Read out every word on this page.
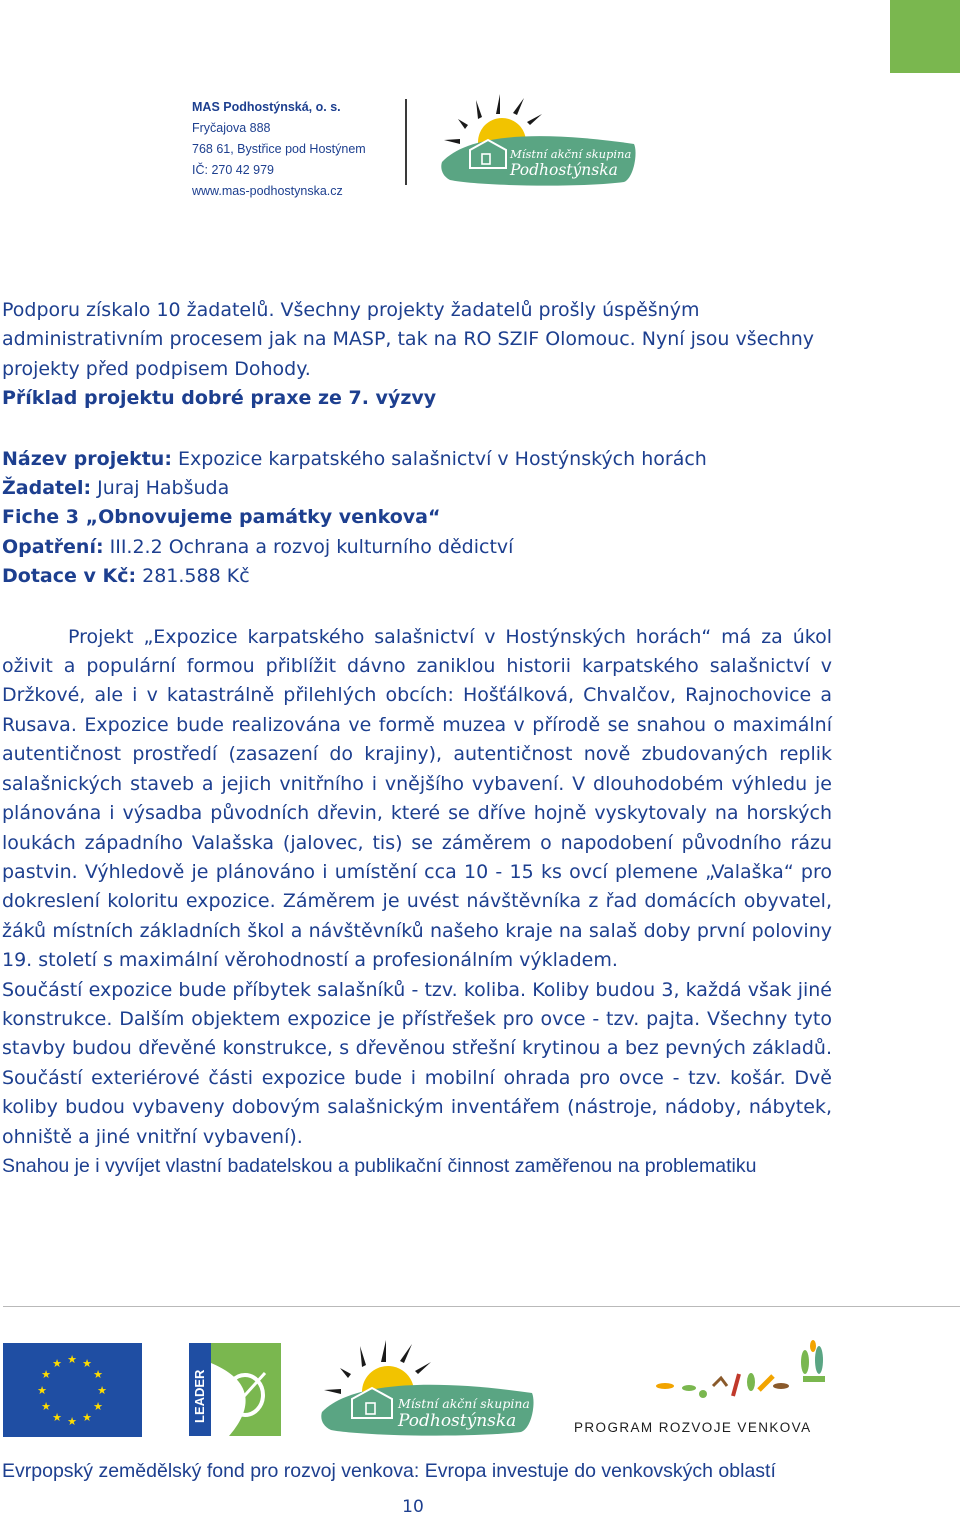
MAS Podhostýnská, o. s.
Fryčajova 888
768 61, Bystřice pod Hostýnem
IČ: 270 42 979
www.mas-podhostynska.cz
Místní akční skupina
Podhostýnska

Podporu získalo 10 žadatelů. Všechny projekty žadatelů prošly úspěšným administrativním procesem jak na MASP, tak na RO SZIF Olomouc. Nyní jsou všechny projekty před podpisem Dohody.

Příklad projektu dobré praxe ze 7. výzvy

Název projektu: Expozice karpatského salašnictví v Hostýnských horách
Žadatel: Juraj Habšuda
Fiche 3 „Obnovujeme památky venkova“
Opatření: III.2.2 Ochrana a rozvoj kulturního dědictví
Dotace v Kč: 281.588 Kč

Projekt „Expozice karpatského salašnictví v Hostýnských horách“ má za úkol oživit a populární formou přiblížit dávno zaniklou historii karpatského salašnictví v Držkové, ale i v katastrálně přilehlých obcích: Hošťálková, Chvalčov, Rajnochovice a Rusava. Expozice bude realizována ve formě muzea v přírodě se snahou o maximální autentičnost prostředí (zasazení do krajiny), autentičnost nově zbudovaných replik salašnických staveb a jejich vnitřního i vnějšího vybavení. V dlouhodobém výhledu je plánována i výsadba původních dřevin, které se dříve hojně vyskytovaly na horských loukách západního Valašska (jalovec, tis) se záměrem o napodobení původního rázu pastvin. Výhledově je plánováno i umístění cca 10 - 15 ks ovcí plemene „Valaška“ pro dokreslení koloritu expozice. Záměrem je uvést návštěvníka z řad domácích obyvatel, žáků místních základních škol a návštěvníků našeho kraje na salaš doby první poloviny 19. století s maximální věrohodností a profesionálním výkladem.

Součástí expozice bude příbytek salašníků - tzv. koliba. Koliby budou 3, každá však jiné konstrukce. Dalším objektem expozice je přístřešek pro ovce - tzv. pajta. Všechny tyto stavby budou dřevěné konstrukce, s dřevěnou střešní krytinou a bez pevných základů. Součástí exteriérové části expozice bude i mobilní ohrada pro ovce - tzv. košár. Dvě koliby budou vybaveny dobovým salašnickým inventářem (nástroje, nádoby, nábytek, ohniště a jiné vnitřní vybavení).

Snahou je i vyvíjet vlastní badatelskou a publikační činnost zaměřenou na problematiku

★ ★
★
★
★
★
★
★
★
★
★
★
LEADER	Místní akční skupina
Podhostýnska	PROGRAM ROZVOJE VENKOVA
Evrpopský zemědělský fond pro rozvoj venkova: Evropa investuje do venkovských oblastí
10
